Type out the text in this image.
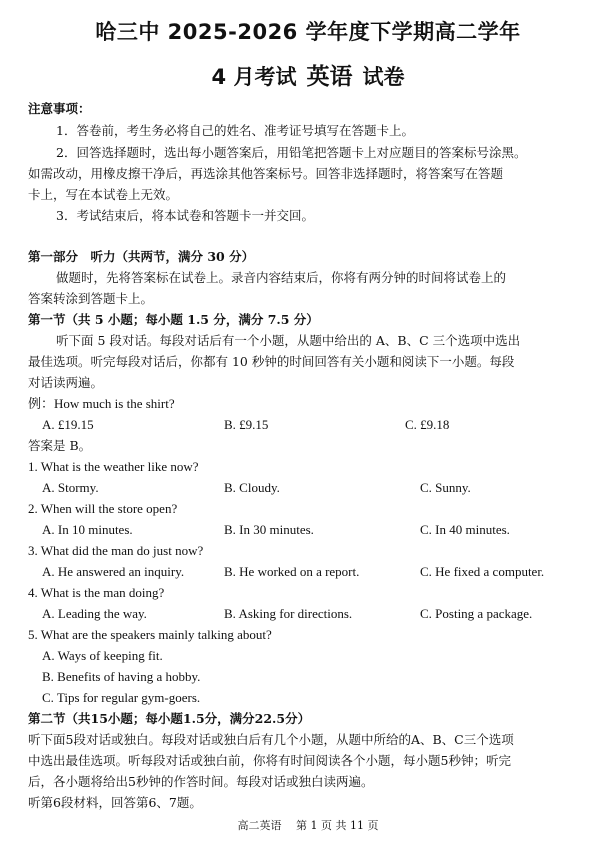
哈三中 2025-2026 学年度下学期高二学年
4 月考试 英语 试卷
注意事项：
1．答卷前，考生务必将自己的姓名、准考证号填写在答题卡上。
2．回答选择题时，选出每小题答案后，用铅笔把答题卡上对应题目的答案标号涂黑。
如需改动，用橡皮擦干净后，再选涂其他答案标号。回答非选择题时，将答案写在答题
卡上，写在本试卷上无效。
3．考试结束后，将本试卷和答题卡一并交回。
第一部分　听力（共两节，满分 30 分）
做题时，先将答案标在试卷上。录音内容结束后，你将有两分钟的时间将试卷上的
答案转涂到答题卡上。
第一节（共 5 小题；每小题 1.5 分，满分 7.5 分）
听下面 5 段对话。每段对话后有一个小题，从题中给出的 A、B、C 三个选项中选出
最佳选项。听完每段对话后，你都有 10 秒钟的时间回答有关小题和阅读下一小题。每段
对话读两遍。
例：How much is the shirt?
A. £19.15	B. £9.15	C. £9.18
答案是 B。
1. What is the weather like now?
A. Stormy.	B. Cloudy.	C. Sunny.
2. When will the store open?
A. In 10 minutes.	B. In 30 minutes.	C. In 40 minutes.
3. What did the man do just now?
A. He answered an inquiry.	B. He worked on a report.	C. He fixed a computer.
4. What is the man doing?
A. Leading the way.	B. Asking for directions.	C. Posting a package.
5. What are the speakers mainly talking about?
A. Ways of keeping fit.
B. Benefits of having a hobby.
C. Tips for regular gym-goers.
第二节（共15小题；每小题1.5分，满分22.5分）
听下面5段对话或独白。每段对话或独白后有几个小题，从题中所给的A、B、C三个选项
中选出最佳选项。听每段对话或独白前，你将有时间阅读各个小题，每小题5秒钟；听完
后，各小题将给出5秒钟的作答时间。每段对话或独白读两遍。
听第6段材料，回答第6、7题。
高二英语　 第 1 页 共 11 页
